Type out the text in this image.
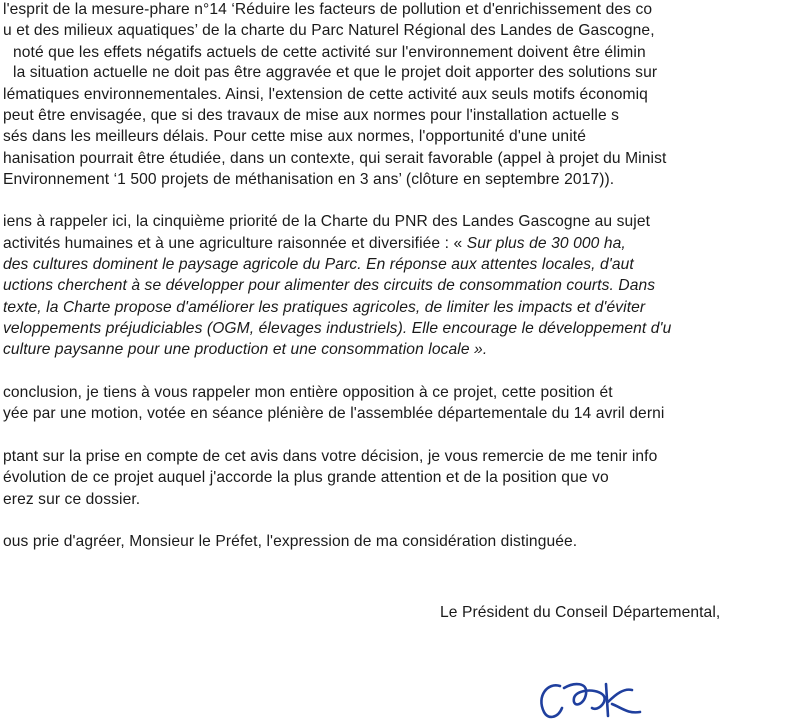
l'esprit de la mesure-phare n°14 ‘Réduire les facteurs de pollution et d'enrichissement des co
u et des milieux aquatiques’ de la charte du Parc Naturel Régional des Landes de Gascogne,
noté que les effets négatifs actuels de cette activité sur l'environnement doivent être élimin
la situation actuelle ne doit pas être aggravée et que le projet doit apporter des solutions sur
lématiques environnementales. Ainsi, l'extension de cette activité aux seuls motifs économiq
peut être envisagée, que si des travaux de mise aux normes pour l'installation actuelle s
sés dans les meilleurs délais. Pour cette mise aux normes, l'opportunité d'une unité
hanisation pourrait être étudiée, dans un contexte, qui serait favorable (appel à projet du Minist
Environnement ‘1 500 projets de méthanisation en 3 ans’ (clôture en septembre 2017)).
iens à rappeler ici, la cinquième priorité de la Charte du PNR des Landes Gascogne au sujet
activités humaines et à une agriculture raisonnée et diversifiée : « Sur plus de 30 000 ha,
des cultures dominent le paysage agricole du Parc. En réponse aux attentes locales, d'aut
uctions cherchent à se développer pour alimenter des circuits de consommation courts. Dans
texte, la Charte propose d'améliorer les pratiques agricoles, de limiter les impacts et d'éviter
veloppements préjudiciables (OGM, élevages industriels). Elle encourage le développement d'u
culture paysanne pour une production et une consommation locale ».
conclusion, je tiens à vous rappeler mon entière opposition à ce projet, cette position ét
yée par une motion, votée en séance plénière de l'assemblée départementale du 14 avril derni
ptant sur la prise en compte de cet avis dans votre décision, je vous remercie de me tenir info
évolution de ce projet auquel j'accorde la plus grande attention et de la position que vo
erez sur ce dossier.
ous prie d'agréer, Monsieur le Préfet, l'expression de ma considération distinguée.
Le Président du Conseil Départemental,
